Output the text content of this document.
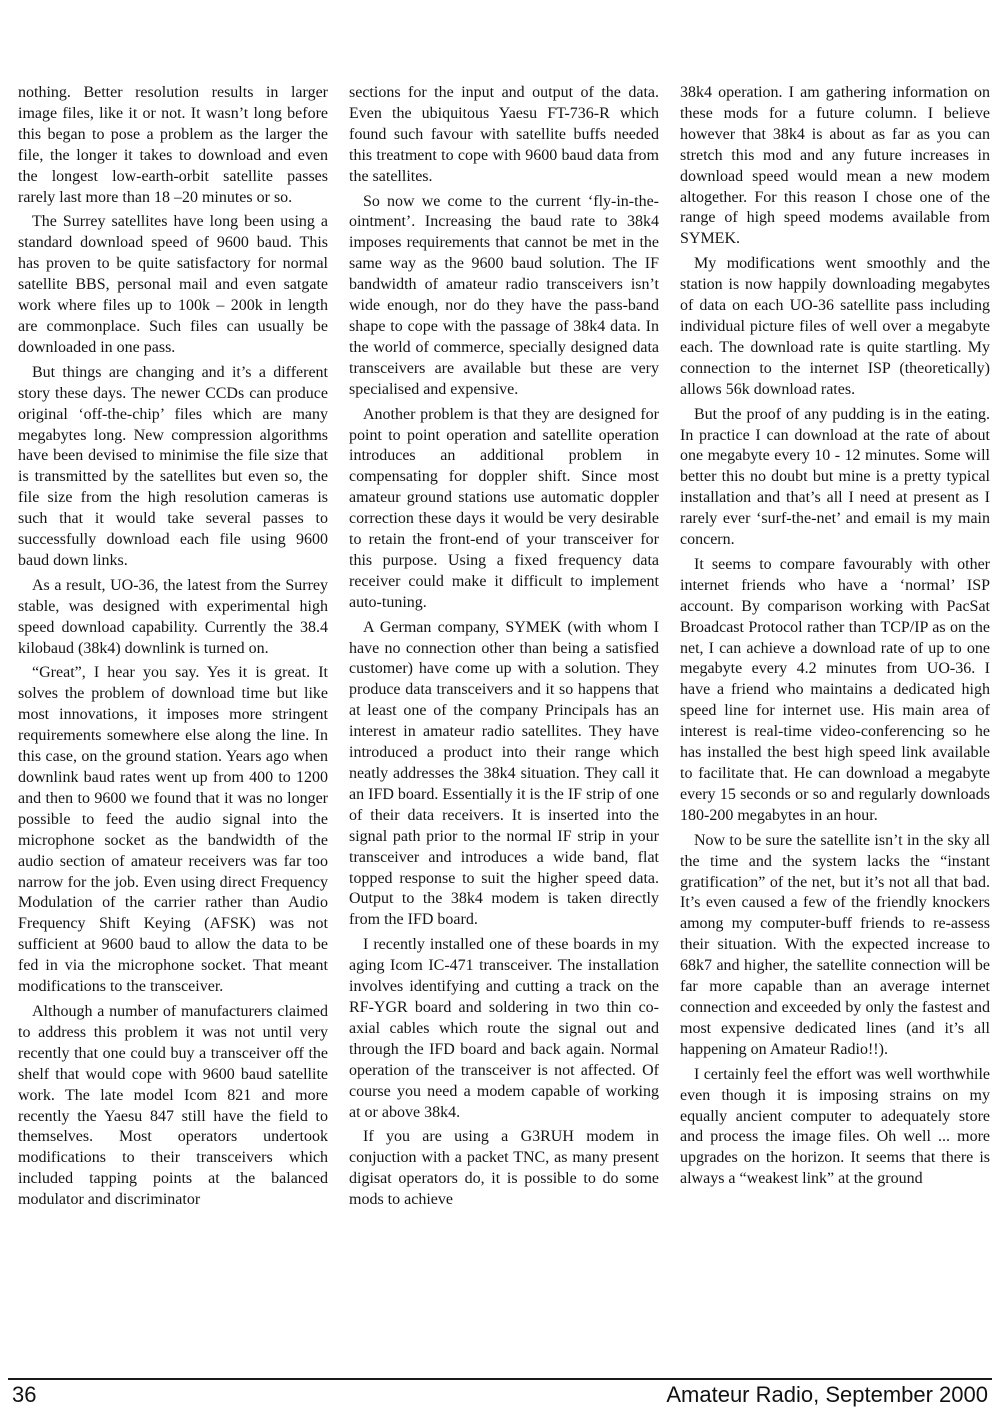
nothing. Better resolution results in larger image files, like it or not. It wasn’t long before this began to pose a problem as the larger the file, the longer it takes to download and even the longest low-earth-orbit satellite passes rarely last more than 18 –20 minutes or so.

The Surrey satellites have long been using a standard download speed of 9600 baud. This has proven to be quite satisfactory for normal satellite BBS, personal mail and even satgate work where files up to 100k – 200k in length are commonplace. Such files can usually be downloaded in one pass.

But things are changing and it’s a different story these days. The newer CCDs can produce original ‘off-the-chip’ files which are many megabytes long. New compression algorithms have been devised to minimise the file size that is transmitted by the satellites but even so, the file size from the high resolution cameras is such that it would take several passes to successfully download each file using 9600 baud down links.

As a result, UO-36, the latest from the Surrey stable, was designed with experimental high speed download capability. Currently the 38.4 kilobaud (38k4) downlink is turned on.

“Great”, I hear you say. Yes it is great. It solves the problem of download time but like most innovations, it imposes more stringent requirements somewhere else along the line. In this case, on the ground station. Years ago when downlink baud rates went up from 400 to 1200 and then to 9600 we found that it was no longer possible to feed the audio signal into the microphone socket as the bandwidth of the audio section of amateur receivers was far too narrow for the job. Even using direct Frequency Modulation of the carrier rather than Audio Frequency Shift Keying (AFSK) was not sufficient at 9600 baud to allow the data to be fed in via the microphone socket. That meant modifications to the transceiver.

Although a number of manufacturers claimed to address this problem it was not until very recently that one could buy a transceiver off the shelf that would cope with 9600 baud satellite work. The late model Icom 821 and more recently the Yaesu 847 still have the field to themselves. Most operators undertook modifications to their transceivers which included tapping points at the balanced modulator and discriminator

sections for the input and output of the data. Even the ubiquitous Yaesu FT-736-R which found such favour with satellite buffs needed this treatment to cope with 9600 baud data from the satellites.

So now we come to the current ‘fly-in-the-ointment’. Increasing the baud rate to 38k4 imposes requirements that cannot be met in the same way as the 9600 baud solution. The IF bandwidth of amateur radio transceivers isn’t wide enough, nor do they have the pass-band shape to cope with the passage of 38k4 data. In the world of commerce, specially designed data transceivers are available but these are very specialised and expensive.

Another problem is that they are designed for point to point operation and satellite operation introduces an additional problem in compensating for doppler shift. Since most amateur ground stations use automatic doppler correction these days it would be very desirable to retain the front-end of your transceiver for this purpose. Using a fixed frequency data receiver could make it difficult to implement auto-tuning.

A German company, SYMEK (with whom I have no connection other than being a satisfied customer) have come up with a solution. They produce data transceivers and it so happens that at least one of the company Principals has an interest in amateur radio satellites. They have introduced a product into their range which neatly addresses the 38k4 situation. They call it an IFD board. Essentially it is the IF strip of one of their data receivers. It is inserted into the signal path prior to the normal IF strip in your transceiver and introduces a wide band, flat topped response to suit the higher speed data. Output to the 38k4 modem is taken directly from the IFD board.

I recently installed one of these boards in my aging Icom IC-471 transceiver. The installation involves identifying and cutting a track on the RF-YGR board and soldering in two thin co-axial cables which route the signal out and through the IFD board and back again. Normal operation of the transceiver is not affected. Of course you need a modem capable of working at or above 38k4.

If you are using a G3RUH modem in conjuction with a packet TNC, as many present digisat operators do, it is possible to do some mods to achieve

38k4 operation. I am gathering information on these mods for a future column. I believe however that 38k4 is about as far as you can stretch this mod and any future increases in download speed would mean a new modem altogether. For this reason I chose one of the range of high speed modems available from SYMEK.

My modifications went smoothly and the station is now happily downloading megabytes of data on each UO-36 satellite pass including individual picture files of well over a megabyte each. The download rate is quite startling. My connection to the internet ISP (theoretically) allows 56k download rates.

But the proof of any pudding is in the eating. In practice I can download at the rate of about one megabyte every 10 - 12 minutes. Some will better this no doubt but mine is a pretty typical installation and that’s all I need at present as I rarely ever ‘surf-the-net’ and email is my main concern.

It seems to compare favourably with other internet friends who have a ‘normal’ ISP account. By comparison working with PacSat Broadcast Protocol rather than TCP/IP as on the net, I can achieve a download rate of up to one megabyte every 4.2 minutes from UO-36. I have a friend who maintains a dedicated high speed line for internet use. His main area of interest is real-time video-conferencing so he has installed the best high speed link available to facilitate that. He can download a megabyte every 15 seconds or so and regularly downloads 180-200 megabytes in an hour.

Now to be sure the satellite isn’t in the sky all the time and the system lacks the “instant gratification” of the net, but it’s not all that bad. It’s even caused a few of the friendly knockers among my computer-buff friends to re-assess their situation. With the expected increase to 68k7 and higher, the satellite connection will be far more capable than an average internet connection and exceeded by only the fastest and most expensive dedicated lines (and it’s all happening on Amateur Radio!!).

I certainly feel the effort was well worthwhile even though it is imposing strains on my equally ancient computer to adequately store and process the image files. Oh well ... more upgrades on the horizon. It seems that there is always a “weakest link” at the ground

36	Amateur Radio, September 2000
